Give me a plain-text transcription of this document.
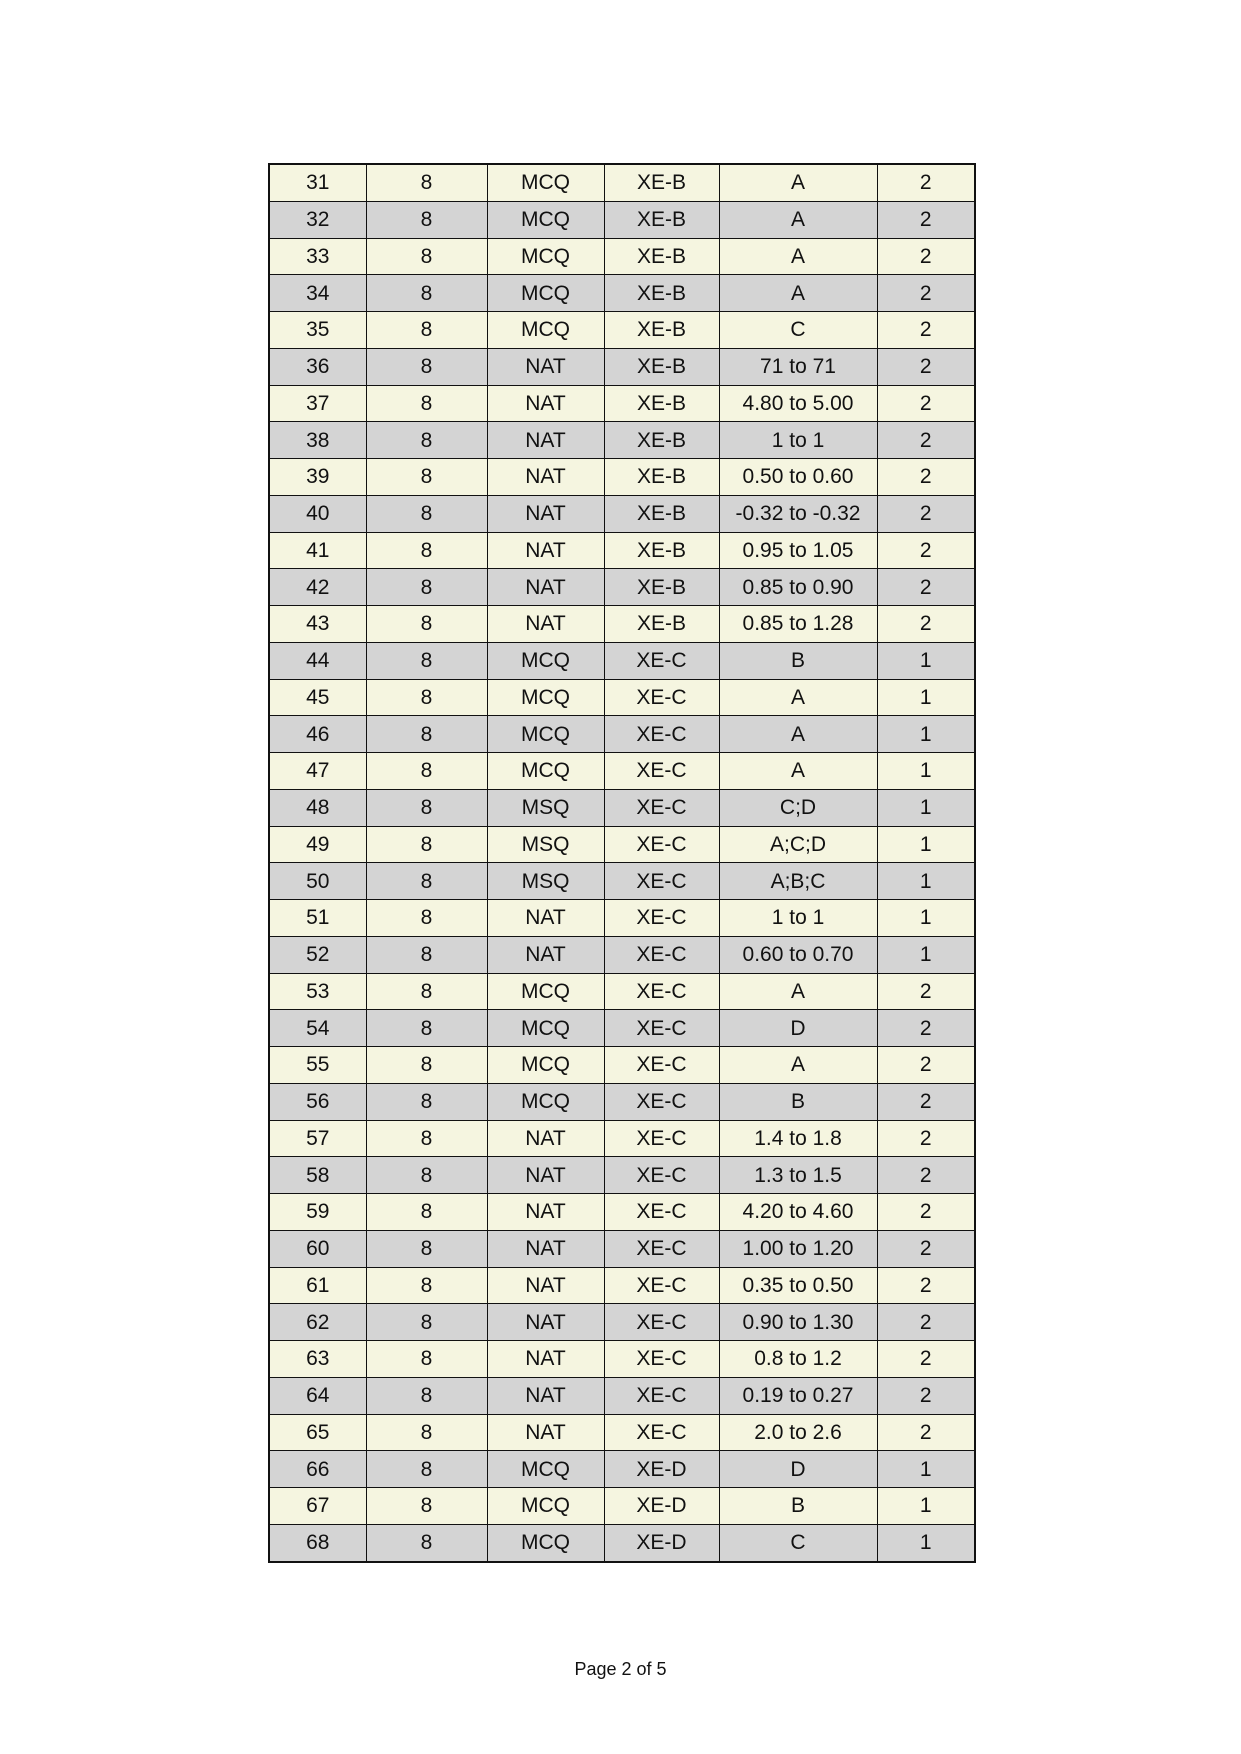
31	8	MCQ	XE-B	A	2
32	8	MCQ	XE-B	A	2
33	8	MCQ	XE-B	A	2
34	8	MCQ	XE-B	A	2
35	8	MCQ	XE-B	C	2
36	8	NAT	XE-B	71 to 71	2
37	8	NAT	XE-B	4.80 to 5.00	2
38	8	NAT	XE-B	1 to 1	2
39	8	NAT	XE-B	0.50 to 0.60	2
40	8	NAT	XE-B	-0.32 to -0.32	2
41	8	NAT	XE-B	0.95 to 1.05	2
42	8	NAT	XE-B	0.85 to 0.90	2
43	8	NAT	XE-B	0.85 to 1.28	2
44	8	MCQ	XE-C	B	1
45	8	MCQ	XE-C	A	1
46	8	MCQ	XE-C	A	1
47	8	MCQ	XE-C	A	1
48	8	MSQ	XE-C	C;D	1
49	8	MSQ	XE-C	A;C;D	1
50	8	MSQ	XE-C	A;B;C	1
51	8	NAT	XE-C	1 to 1	1
52	8	NAT	XE-C	0.60 to 0.70	1
53	8	MCQ	XE-C	A	2
54	8	MCQ	XE-C	D	2
55	8	MCQ	XE-C	A	2
56	8	MCQ	XE-C	B	2
57	8	NAT	XE-C	1.4 to 1.8	2
58	8	NAT	XE-C	1.3 to 1.5	2
59	8	NAT	XE-C	4.20 to 4.60	2
60	8	NAT	XE-C	1.00 to 1.20	2
61	8	NAT	XE-C	0.35 to 0.50	2
62	8	NAT	XE-C	0.90 to 1.30	2
63	8	NAT	XE-C	0.8 to 1.2	2
64	8	NAT	XE-C	0.19 to 0.27	2
65	8	NAT	XE-C	2.0 to 2.6	2
66	8	MCQ	XE-D	D	1
67	8	MCQ	XE-D	B	1
68	8	MCQ	XE-D	C	1
Page 2 of 5
